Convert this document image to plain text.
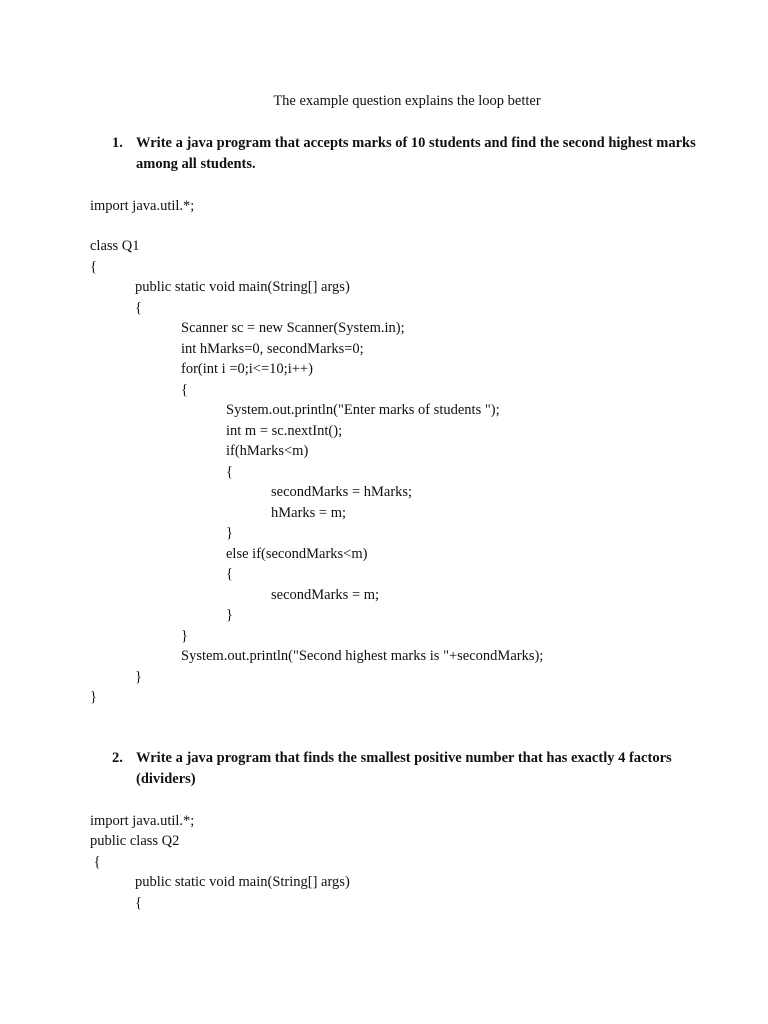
The example question explains the loop better
1. Write a java program that accepts marks of 10 students and find the second highest marks among all students.
import java.util.*;
class Q1
{
public static void main(String[] args)
{
Scanner sc = new Scanner(System.in);
int hMarks=0, secondMarks=0;
for(int i =0;i<=10;i++)
{
System.out.println("Enter marks of students ");
int m = sc.nextInt();
if(hMarks<m)
{
secondMarks = hMarks;
hMarks = m;
}
else if(secondMarks<m)
{
secondMarks = m;
}
}
System.out.println("Second highest marks is "+secondMarks);
}
}
2. Write a java program that finds the smallest positive number that has exactly 4 factors (dividers)
import java.util.*;
public class Q2
{
public static void main(String[] args)
{
